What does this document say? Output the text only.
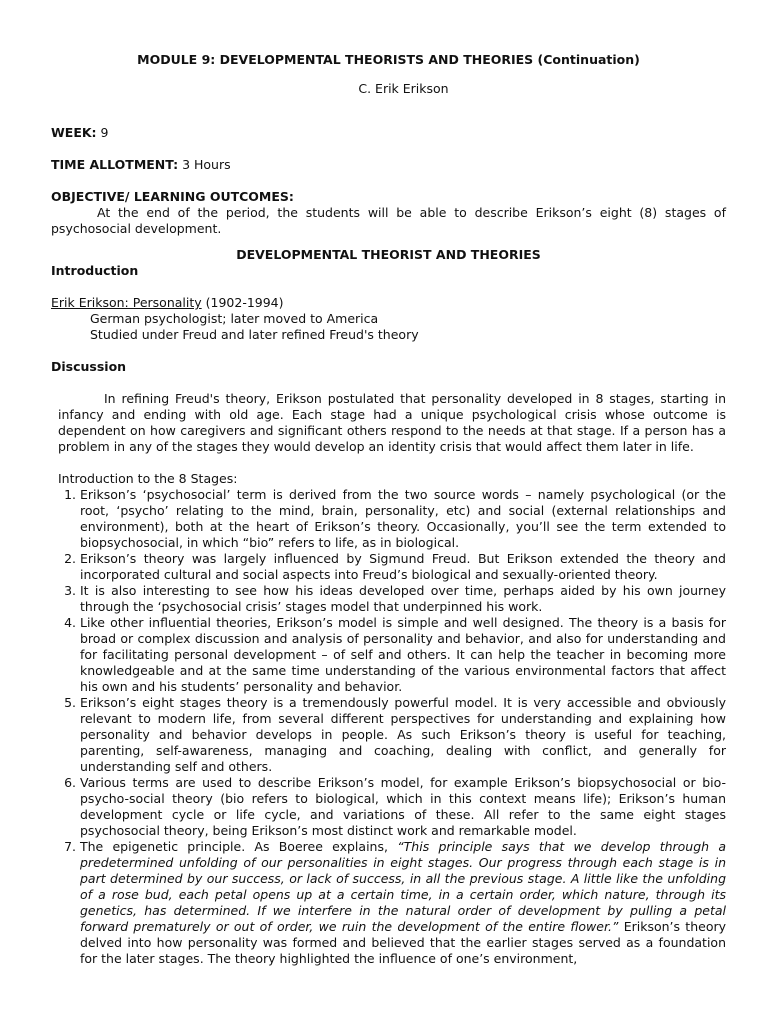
MODULE 9: DEVELOPMENTAL THEORISTS AND THEORIES (Continuation)

C. Erik Erikson

WEEK: 9

TIME ALLOTMENT: 3 Hours

OBJECTIVE/ LEARNING OUTCOMES:

At the end of the period, the students will be able to describe Erikson’s eight (8) stages of psychosocial development.

DEVELOPMENTAL THEORIST AND THEORIES

Introduction

Erik Erikson: Personality (1902-1994)

German psychologist; later moved to America

Studied under Freud and later refined Freud's theory

Discussion

In refining Freud's theory, Erikson postulated that personality developed in 8 stages, starting in infancy and ending with old age. Each stage had a unique psychological crisis whose outcome is dependent on how caregivers and significant others respond to the needs at that stage. If a person has a problem in any of the stages they would develop an identity crisis that would affect them later in life.

Introduction to the 8 Stages:

1. Erikson’s ‘psychosocial’ term is derived from the two source words – namely psychological (or the root, ‘psycho’ relating to the mind, brain, personality, etc) and social (external relationships and environment), both at the heart of Erikson’s theory. Occasionally, you’ll see the term extended to biopsychosocial, in which “bio” refers to life, as in biological.
2. Erikson’s theory was largely influenced by Sigmund Freud. But Erikson extended the theory and incorporated cultural and social aspects into Freud’s biological and sexually-oriented theory.
3. It is also interesting to see how his ideas developed over time, perhaps aided by his own journey through the ‘psychosocial crisis’ stages model that underpinned his work.
4. Like other influential theories, Erikson’s model is simple and well designed. The theory is a basis for broad or complex discussion and analysis of personality and behavior, and also for understanding and for facilitating personal development – of self and others. It can help the teacher in becoming more knowledgeable and at the same time understanding of the various environmental factors that affect his own and his students’ personality and behavior.
5. Erikson’s eight stages theory is a tremendously powerful model. It is very accessible and obviously relevant to modern life, from several different perspectives for understanding and explaining how personality and behavior develops in people. As such Erikson’s theory is useful for teaching, parenting, self-awareness, managing and coaching, dealing with conflict, and generally for understanding self and others.
6. Various terms are used to describe Erikson’s model, for example Erikson’s biopsychosocial or bio-psycho-social theory (bio refers to biological, which in this context means life); Erikson’s human development cycle or life cycle, and variations of these. All refer to the same eight stages psychosocial theory, being Erikson’s most distinct work and remarkable model.
7. The epigenetic principle. As Boeree explains, “This principle says that we develop through a predetermined unfolding of our personalities in eight stages. Our progress through each stage is in part determined by our success, or lack of success, in all the previous stage. A little like the unfolding of a rose bud, each petal opens up at a certain time, in a certain order, which nature, through its genetics, has determined. If we interfere in the natural order of development by pulling a petal forward prematurely or out of order, we ruin the development of the entire flower.” Erikson’s theory delved into how personality was formed and believed that the earlier stages served as a foundation for the later stages. The theory highlighted the influence of one’s environment,
